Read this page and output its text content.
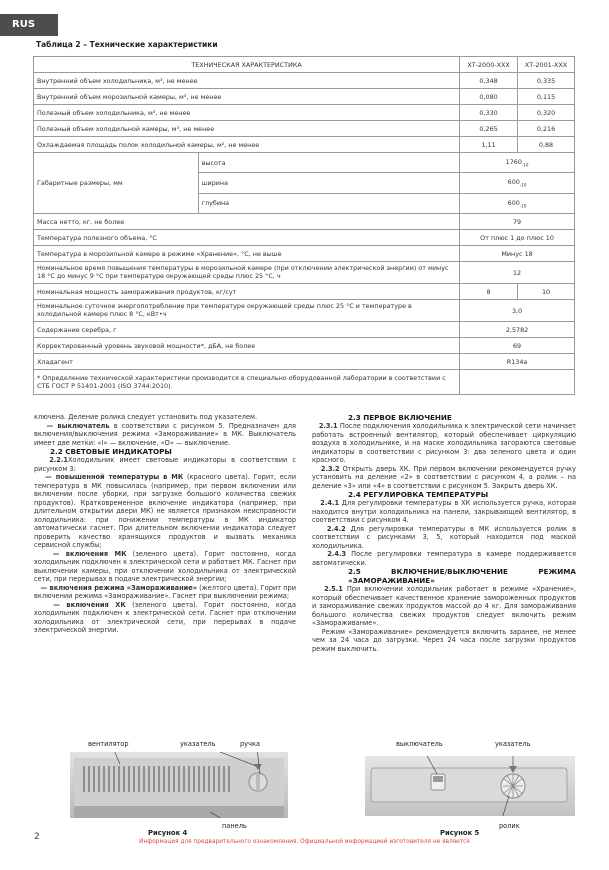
RUS
Таблица 2 – Технические характеристики
ТЕХНИЧЕСКАЯ ХАРАКТЕРИСТИКА		ХТ-2000-ХХХ	ХТ-2001-ХХХ
Внутренний объем холодильника, м³, не менее		0,348	0,335
Внутренний объем морозильной камеры, м³, не менее		0,080	0,115
Полезный объем холодильника, м³, не менее		0,330	0,320
Полезный объем холодильной камеры, м³, не менее		0,265	0,216
Охлаждаемая площадь полок холодильной камеры, м², не менее		1,11	0,88
Габаритные размеры, мм	высота	$1760_{-10}$
	ширина	$600_{-10}$
	глубина	$600_{-10}$
Масса нетто, кг, не более		79	
Температура полезного объема, °С		От плюс 1 до плюс 10	
Температура в морозильной камере в режиме «Хранение», °С, не выше		Минус 18	
Номинальное время повышения температуры в морозильной камере (при отключении электрической энергии) от минус 18 °С до минус 9 °С при температуре окружающей среды плюс 25 °С, ч		12	
Номинальная мощность замораживания продуктов, кг/сут		8	10
Номинальное суточное энергопотребление при температуре окружающей среды плюс 25 °С и температуре в холодильной камере плюс 8 °С, кВт•ч		3,0	
Содержание серебра, г		2,5782	
Корректированный уровень звуковой мощности*, дБА, не более		69	
Хладагент		R134a	
* Определение технической характеристики производится в специально оборудованной лаборатории в соответствии с СТБ ГОСТ Р 51401-2001 (ISO 3744:2010).			

ключена. Деление ролика следует установить под указателем.

— выключатель в соответствии с рисунком 5. Предназначен для включения/выключения режима «Замораживание» в МК. Выключатель имеет две метки: «I» — включение, «О» — выключение.

2.2 СВЕТОВЫЕ ИНДИКАТОРЫ

2.2.1Холодильник имеет световые индикаторы в соответствии с рисунком 3:

— повышенной температуры в МК (красного цвета). Горит, если температура в МК повысилась (например, при первом включении или включении после уборки, при загрузке большого количества свежих продуктов). Кратковременное включение индикатора (например, при длительном открытии двери МК) не является признаком неисправности холодильника: при понижении температуры в МК индикатор автоматически гаснет. При длительном включении индикатора следует проверить качество хранящихся продуктов и вызвать механика сервисной службы;

— включения МК (зеленого цвета). Горит постоянно, когда холодильник подключен к электрической сети и работает МК. Гаснет при выключении камеры, при отключении холодильника от электрической сети, при перерывах в подаче электрической энергии;

— включения режима «Замораживание» (желтого цвета). Горит при включении режима «Замораживание». Гаснет при выключении режима;

— включения ХК (зеленого цвета). Горит постоянно, когда холодильник подключен к электрической сети. Гаснет при отключении холодильника от электрической сети, при перерывах в подаче электрической энергии.

2.3 ПЕРВОЕ ВКЛЮЧЕНИЕ

2.3.1 После подключения холодильника к электрической сети начинает работать встроенный вентилятор, который обеспечивает циркуляцию воздуха в холодильнике, и на маске холодильника загораются световые индикаторы в соответствии с рисунком 3: два зеленого цвета и один красного.

2.3.2 Открыть дверь ХК. При первом включении рекомендуется ручку установить на деление «2» в соответствии с рисунком 4, а ролик – на деление «3» или «4» в соответствии с рисунком 5. Закрыть дверь ХК.

2.4 РЕГУЛИРОВКА ТЕМПЕРАТУРЫ

2.4.1 Для регулировки температуры в ХК используется ручка, которая находится внутри холодильника на панели, закрывающей вентилятор, в соответствии с рисунком 4.

2.4.2 Для регулировки температуры в МК используется ролик в соответствии с рисунками 3, 5, который находится под маской холодильника.

2.4.3 После регулировки температура в камере поддерживается автоматически.

2.5 ВКЛЮЧЕНИЕ/ВЫКЛЮЧЕНИЕ РЕЖИМА «ЗАМОРАЖИВАНИЕ»

2.5.1 При включении холодильник работает в режиме «Хранение», который обеспечивает качественное хранение замороженных продуктов и замораживание свежих продуктов массой до 4 кг. Для замораживания большого количества свежих продуктов следует включить режим «Замораживание».

Режим «Замораживание» рекомендуется включить заранее, не менее чем за 24 часа до загрузки. Через 24 часа после загрузки продуктов режим выключить.

вентилятор	указатель	ручка
панель
Рисунок 4
выключатель	указатель
ролик
Рисунок 5
2	Информация для предварительного ознакомления. Официальной информацией изготовителя не является
